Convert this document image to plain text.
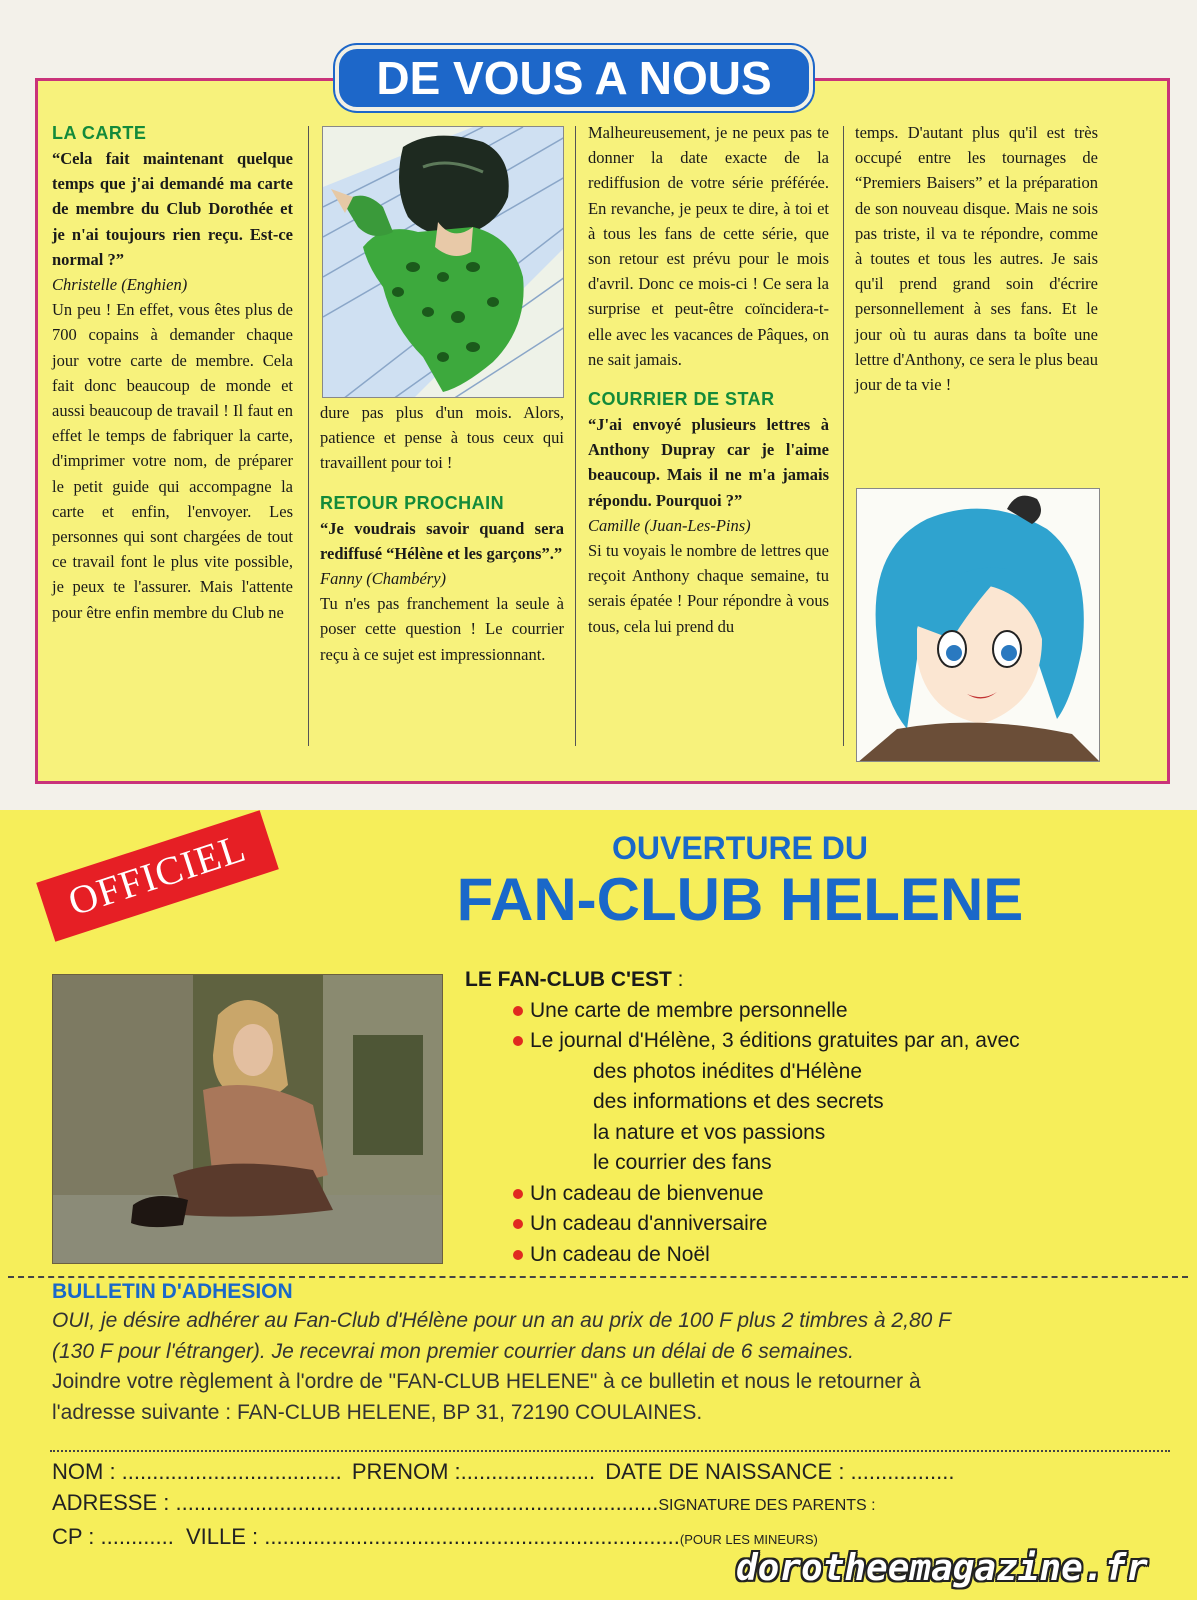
DE VOUS A NOUS

LA CARTE

“Cela fait maintenant quelque temps que j'ai demandé ma carte de membre du Club Dorothée et je n'ai toujours rien reçu. Est-ce normal ?”

Christelle (Enghien)

Un peu ! En effet, vous êtes plus de 700 copains à demander chaque jour votre carte de membre. Cela fait donc beaucoup de monde et aussi beaucoup de travail ! Il faut en effet le temps de fabriquer la carte, d'imprimer votre nom, de préparer le petit guide qui accompagne la carte et enfin, l'envoyer. Les personnes qui sont chargées de tout ce travail font le plus vite possible, je peux te l'assurer. Mais l'attente pour être enfin membre du Club ne

dure pas plus d'un mois. Alors, patience et pense à tous ceux qui travaillent pour toi !

RETOUR PROCHAIN

“Je voudrais savoir quand sera rediffusé “Hélène et les garçons”.”

Fanny (Chambéry)

Tu n'es pas franchement la seule à poser cette question ! Le courrier reçu à ce sujet est impressionnant.

Malheureusement, je ne peux pas te donner la date exacte de la rediffusion de votre série préférée. En revanche, je peux te dire, à toi et à tous les fans de cette série, que son retour est prévu pour le mois d'avril. Donc ce mois-ci ! Ce sera la surprise et peut-être coïncidera-t-elle avec les vacances de Pâques, on ne sait jamais.

COURRIER DE STAR

“J'ai envoyé plusieurs lettres à Anthony Dupray car je l'aime beaucoup. Mais il ne m'a jamais répondu. Pourquoi ?”

Camille (Juan-Les-Pins)

Si tu voyais le nombre de lettres que reçoit Anthony chaque semaine, tu serais épatée ! Pour répondre à vous tous, cela lui prend du

temps. D'autant plus qu'il est très occupé entre les tournages de “Premiers Baisers” et la préparation de son nouveau disque. Mais ne sois pas triste, il va te répondre, comme à toutes et tous les autres. Je sais qu'il prend grand soin d'écrire personnellement à ses fans. Et le jour où tu auras dans ta boîte une lettre d'Anthony, ce sera le plus beau jour de ta vie !

OFFICIEL	OUVERTURE DU
FAN-CLUB HELENE

LE FAN-CLUB C'EST :

Une carte de membre personnelle
Le journal d'Hélène, 3 éditions gratuites par an, avec
des photos inédites d'Hélène
des informations et des secrets
la nature et vos passions
le courrier des fans
Un cadeau de bienvenue
Un cadeau d'anniversaire
Un cadeau de Noël

BULLETIN D'ADHESION

OUI, je désire adhérer au Fan-Club d'Hélène pour un an au prix de 100 F plus 2 timbres à 2,80 F

(130 F pour l'étranger). Je recevrai mon premier courrier dans un délai de 6 semaines.

Joindre votre règlement à l'ordre de "FAN-CLUB HELENE" à ce bulletin et nous le retourner à

l'adresse suivante : FAN-CLUB HELENE, BP 31, 72190 COULAINES.

NOM : .................................... PRENOM :...................... DATE DE NAISSANCE : .................

ADRESSE : ...............................................................................SIGNATURE DES PARENTS :

CP : ............ VILLE : ....................................................................(POUR LES MINEURS)

dorotheemagazine.fr
